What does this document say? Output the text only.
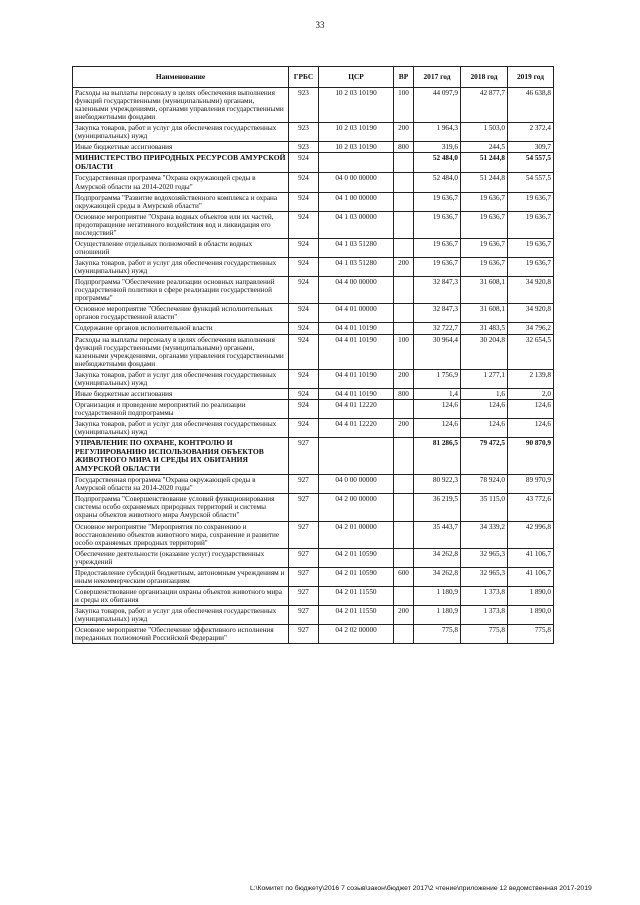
33
Наименование	ГРБС	ЦСР	ВР	2017 год	2018 год	2019 год
Расходы на выплаты персоналу в целях обеспечения выполнения функций государственными (муниципальными) органами, казенными учреждениями, органами управления государственными внебюджетными фондами	923	10 2 03 10190	100	44 097,9	42 877,7	46 638,8
Закупка товаров, работ и услуг для обеспечения государственных (муниципальных) нужд	923	10 2 03 10190	200	1 964,3	1 503,0	2 372,4
Иные бюджетные ассигнования	923	10 2 03 10190	800	319,6	244,5	309,7
МИНИСТЕРСТВО ПРИРОДНЫХ РЕСУРСОВ АМУРСКОЙ ОБЛАСТИ	924			52 484,0	51 244,8	54 557,5
Государственная программа "Охрана окружающей среды в Амурской области на 2014-2020 годы"	924	04 0 00 00000		52 484,0	51 244,8	54 557,5
Подпрограмма "Развитие водохозяйственного комплекса и охрана окружающей среды в Амурской области"	924	04 1 00 00000		19 636,7	19 636,7	19 636,7
Основное мероприятие "Охрана водных объектов или их частей, предотвращение негативного воздействия вод и ликвидация его последствий"	924	04 1 03 00000		19 636,7	19 636,7	19 636,7
Осуществление отдельных полномочий в области водных отношений	924	04 1 03 51280		19 636,7	19 636,7	19 636,7
Закупка товаров, работ и услуг для обеспечения государственных (муниципальных) нужд	924	04 1 03 51280	200	19 636,7	19 636,7	19 636,7
Подпрограмма "Обеспечение реализации основных направлений государственной политики в сфере реализации государственной программы"	924	04 4 00 00000		32 847,3	31 608,1	34 920,8
Основное мероприятие "Обеспечение функций исполнительных органов государственной власти"	924	04 4 01 00000		32 847,3	31 608,1	34 920,8
Содержание органов исполнительной власти	924	04 4 01 10190		32 722,7	31 483,5	34 796,2
Расходы на выплаты персоналу в целях обеспечения выполнения функций государственными (муниципальными) органами, казенными учреждениями, органами управления государственными внебюджетными фондами	924	04 4 01 10190	100	30 964,4	30 204,8	32 654,5
Закупка товаров, работ и услуг для обеспечения государственных (муниципальных) нужд	924	04 4 01 10190	200	1 756,9	1 277,1	2 139,8
Иные бюджетные ассигнования	924	04 4 01 10190	800	1,4	1,6	2,0
Организация и проведение мероприятий по реализации государственной подпрограммы	924	04 4 01 12220		124,6	124,6	124,6
Закупка товаров, работ и услуг для обеспечения государственных (муниципальных) нужд	924	04 4 01 12220	200	124,6	124,6	124,6
УПРАВЛЕНИЕ ПО ОХРАНЕ, КОНТРОЛЮ И РЕГУЛИРОВАНИЮ ИСПОЛЬЗОВАНИЯ ОБЪЕКТОВ ЖИВОТНОГО МИРА И СРЕДЫ ИХ ОБИТАНИЯ АМУРСКОЙ ОБЛАСТИ	927			81 286,5	79 472,5	90 870,9
Государственная программа "Охрана окружающей среды в Амурской области на 2014-2020 годы"	927	04 0 00 00000		80 922,3	78 924,0	89 970,9
Подпрограмма "Совершенствование условий функционирования системы особо охраняемых природных территорий и системы охраны объектов животного мира Амурской области"	927	04 2 00 00000		36 219,5	35 115,0	43 772,6
Основное мероприятие "Мероприятия по сохранению и восстановлению объектов животного мира, сохранение и развитие особо охраняемых природных территорий"	927	04 2 01 00000		35 443,7	34 339,2	42 996,8
Обеспечение деятельности (оказание услуг) государственных учреждений	927	04 2 01 10590		34 262,8	32 965,3	41 106,7
Предоставление субсидий бюджетным, автономным учреждениям и иным некоммерческим организациям	927	04 2 01 10590	600	34 262,8	32 965,3	41 106,7
Совершенствование организации охраны объектов животного мира и среды их обитания	927	04 2 01 11550		1 180,9	1 373,8	1 890,0
Закупка товаров, работ и услуг для обеспечения государственных (муниципальных) нужд	927	04 2 01 11550	200	1 180,9	1 373,8	1 890,0
Основное мероприятие "Обеспечение эффективного исполнения переданных полномочий Российской Федерации"	927	04 2 02 00000		775,8	775,8	775,8
L:\Комитет по бюджету\2016 7 созыв\закон\бюджет 2017\2 чтение\приложение 12 ведомственная 2017-2019
